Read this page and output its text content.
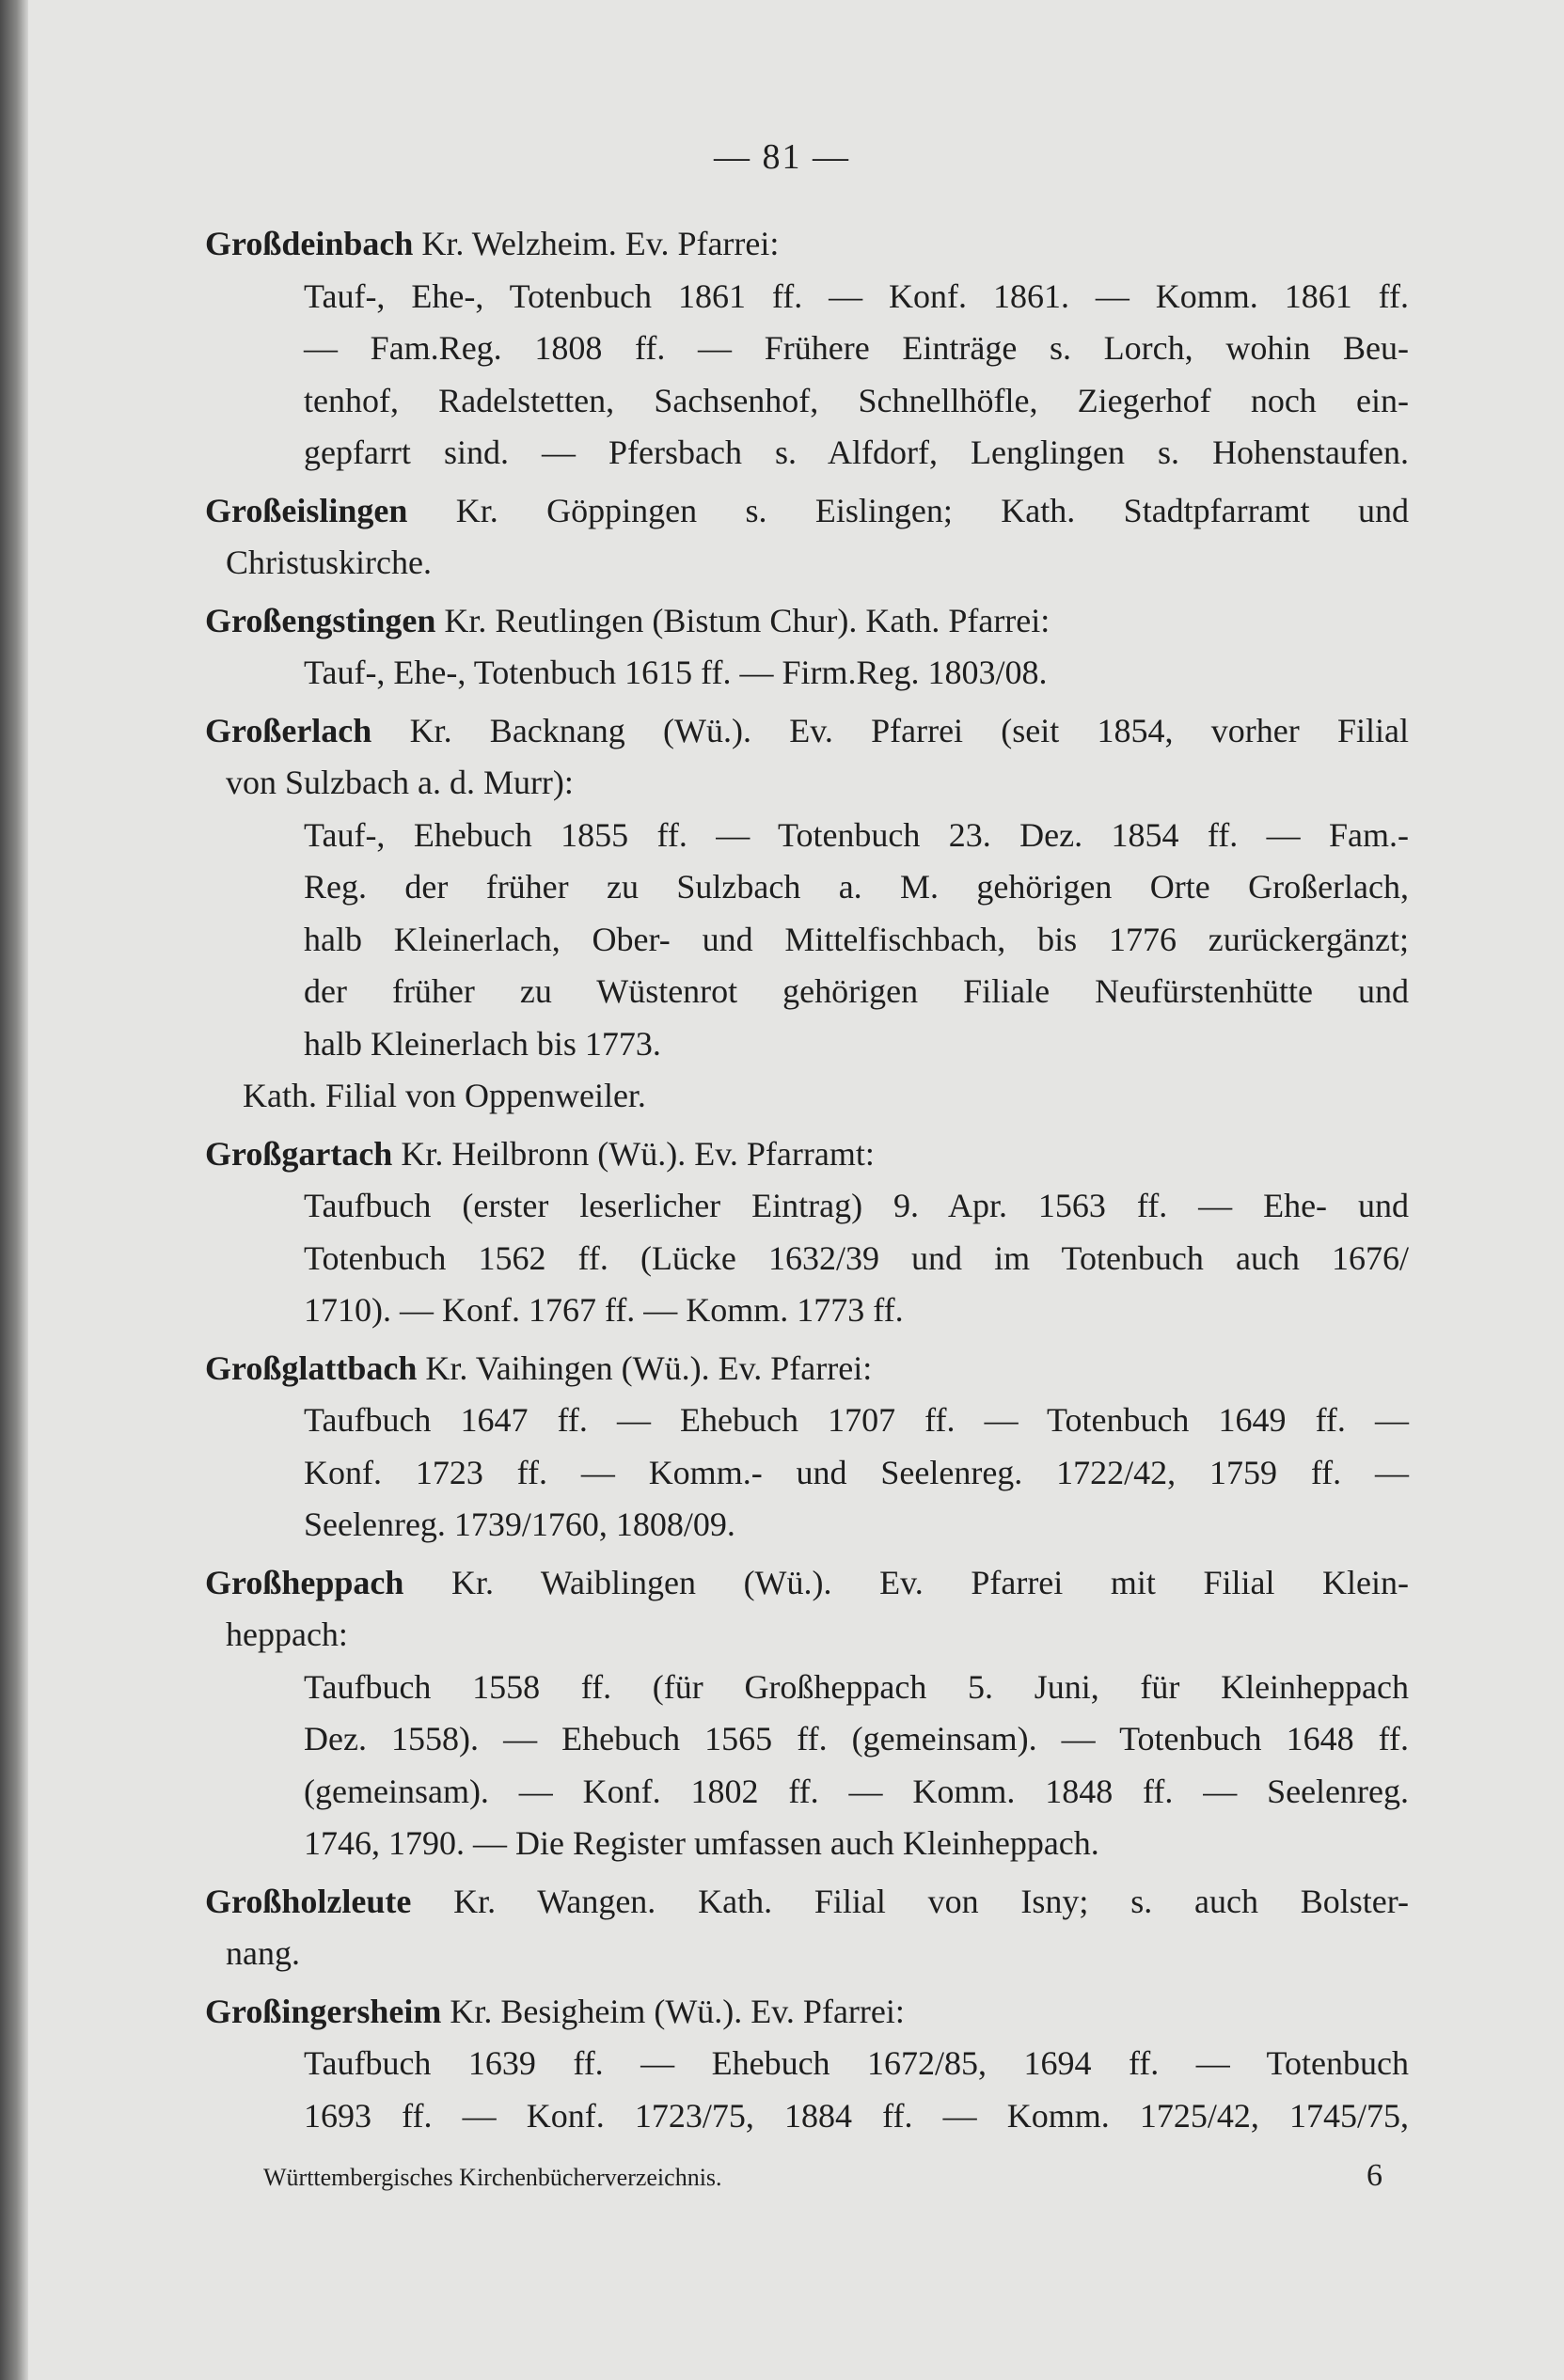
— 81 —
Großdeinbach Kr. Welzheim. Ev. Pfarrei:
Tauf-, Ehe-, Totenbuch 1861 ff. — Konf. 1861. — Komm. 1861 ff.
— Fam.Reg. 1808 ff. — Frühere Einträge s. Lorch, wohin Beu-
tenhof, Radelstetten, Sachsenhof, Schnellhöfle, Ziegerhof noch ein-
gepfarrt sind. — Pfersbach s. Alfdorf, Lenglingen s. Hohenstaufen.
Großeislingen Kr. Göppingen s. Eislingen; Kath. Stadtpfarramt und
Christuskirche.
Großengstingen Kr. Reutlingen (Bistum Chur). Kath. Pfarrei:
Tauf-, Ehe-, Totenbuch 1615 ff. — Firm.Reg. 1803/08.
Großerlach Kr. Backnang (Wü.). Ev. Pfarrei (seit 1854, vorher Filial
von Sulzbach a. d. Murr):
Tauf-, Ehebuch 1855 ff. — Totenbuch 23. Dez. 1854 ff. — Fam.-
Reg. der früher zu Sulzbach a. M. gehörigen Orte Großerlach,
halb Kleinerlach, Ober- und Mittelfischbach, bis 1776 zurückergänzt;
der früher zu Wüstenrot gehörigen Filiale Neufürstenhütte und
halb Kleinerlach bis 1773.
Kath. Filial von Oppenweiler.
Großgartach Kr. Heilbronn (Wü.). Ev. Pfarramt:
Taufbuch (erster leserlicher Eintrag) 9. Apr. 1563 ff. — Ehe- und
Totenbuch 1562 ff. (Lücke 1632/39 und im Totenbuch auch 1676/
1710). — Konf. 1767 ff. — Komm. 1773 ff.
Großglattbach Kr. Vaihingen (Wü.). Ev. Pfarrei:
Taufbuch 1647 ff. — Ehebuch 1707 ff. — Totenbuch 1649 ff. —
Konf. 1723 ff. — Komm.- und Seelenreg. 1722/42, 1759 ff. —
Seelenreg. 1739/1760, 1808/09.
Großheppach Kr. Waiblingen (Wü.). Ev. Pfarrei mit Filial Klein-
heppach:
Taufbuch 1558 ff. (für Großheppach 5. Juni, für Kleinheppach
Dez. 1558). — Ehebuch 1565 ff. (gemeinsam). — Totenbuch 1648 ff.
(gemeinsam). — Konf. 1802 ff. — Komm. 1848 ff. — Seelenreg.
1746, 1790. — Die Register umfassen auch Kleinheppach.
Großholzleute Kr. Wangen. Kath. Filial von Isny; s. auch Bolster-
nang.
Großingersheim Kr. Besigheim (Wü.). Ev. Pfarrei:
Taufbuch 1639 ff. — Ehebuch 1672/85, 1694 ff. — Totenbuch
1693 ff. — Konf. 1723/75, 1884 ff. — Komm. 1725/42, 1745/75,
Württembergisches Kirchenbücherverzeichnis.	6
